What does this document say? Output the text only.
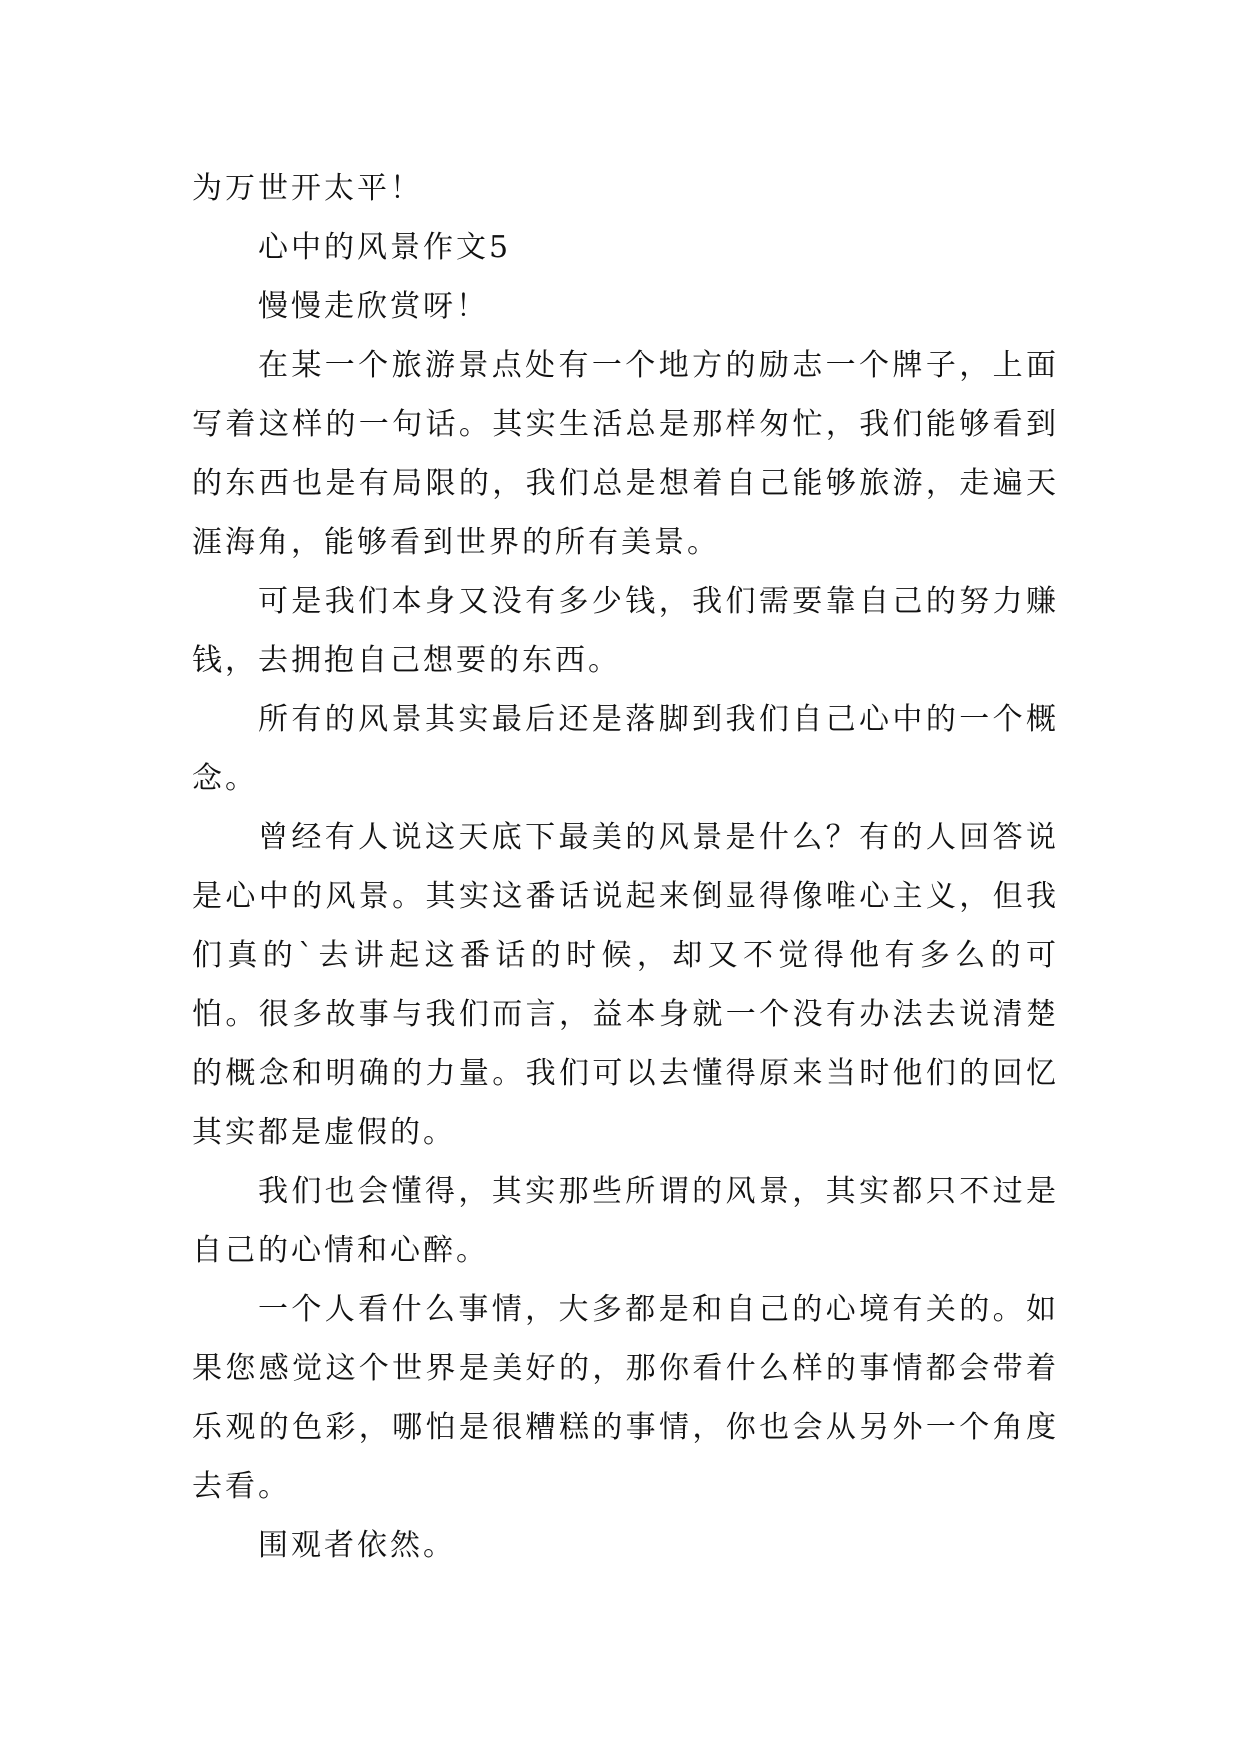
为万世开太平！

心中的风景作文5

慢慢走欣赏呀！

在某一个旅游景点处有一个地方的励志一个牌子，上面写着这样的一句话。其实生活总是那样匆忙，我们能够看到的东西也是有局限的，我们总是想着自己能够旅游，走遍天涯海角，能够看到世界的所有美景。

可是我们本身又没有多少钱，我们需要靠自己的努力赚钱，去拥抱自己想要的东西。

所有的风景其实最后还是落脚到我们自己心中的一个概念。

曾经有人说这天底下最美的风景是什么？有的人回答说是心中的风景。其实这番话说起来倒显得像唯心主义，但我们真的`去讲起这番话的时候，却又不觉得他有多么的可怕。很多故事与我们而言，益本身就一个没有办法去说清楚的概念和明确的力量。我们可以去懂得原来当时他们的回忆其实都是虚假的。

我们也会懂得，其实那些所谓的风景，其实都只不过是自己的心情和心醉。

一个人看什么事情，大多都是和自己的心境有关的。如果您感觉这个世界是美好的，那你看什么样的事情都会带着乐观的色彩，哪怕是很糟糕的事情，你也会从另外一个角度去看。

围观者依然。
